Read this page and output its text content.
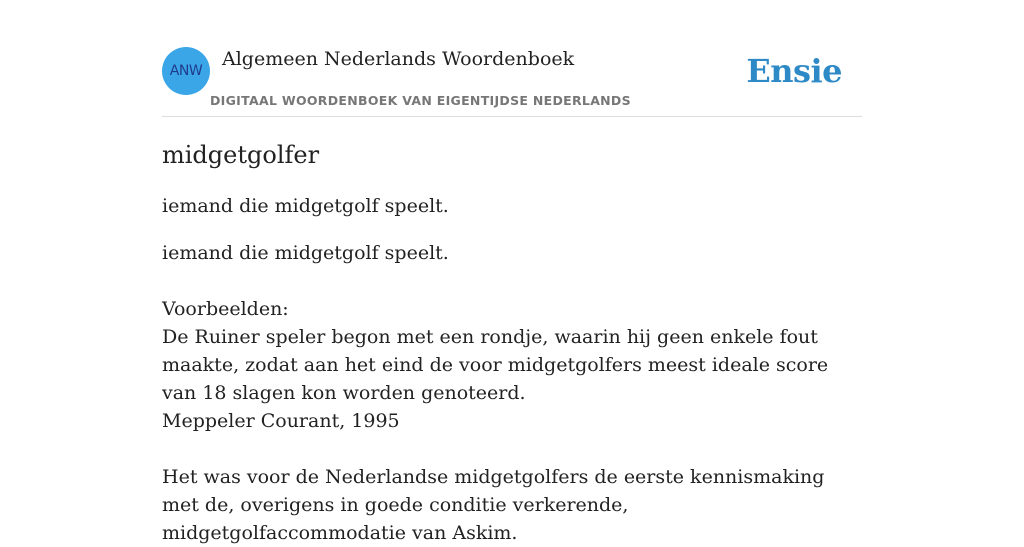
ANW
Algemeen Nederlands Woordenboek
DIGITAAL WOORDENBOEK VAN EIGENTIJDSE NEDERLANDS
Ensie
midgetgolfer

iemand die midgetgolf speelt.

iemand die midgetgolf speelt.
Voorbeelden:
De Ruiner speler begon met een rondje, waarin hij geen enkele fout maakte, zodat aan het eind de voor midgetgolfers meest ideale score van 18 slagen kon worden genoteerd.
Meppeler Courant, 1995
Het was voor de Nederlandse midgetgolfers de eerste kennismaking met de, overigens in goede conditie verkerende, midgetgolfaccommodatie van Askim.
